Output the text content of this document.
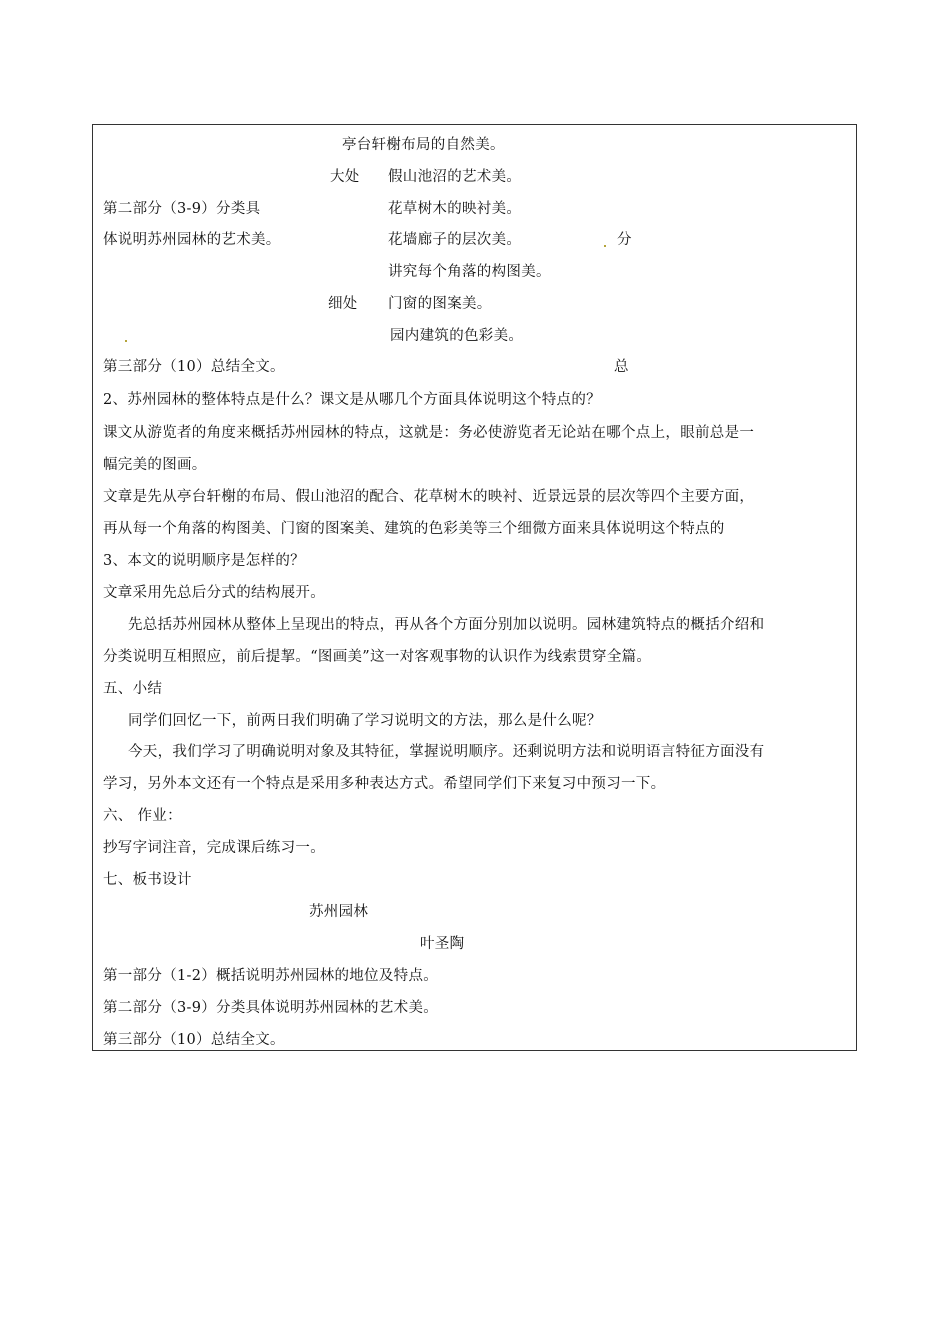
亭台轩榭布局的自然美。
大处 假山池沼的艺术美。
第二部分（3-9）分类具	花草树木的映衬美。
体说明苏州园林的艺术美。	花墙廊子的层次美。	分
讲究每个角落的构图美。
细处 门窗的图案美。
园内建筑的色彩美。
第三部分（10）总结全文。	总
2、苏州园林的整体特点是什么？课文是从哪几个方面具体说明这个特点的？
课文从游览者的角度来概括苏州园林的特点，这就是：务必使游览者无论站在哪个点上，眼前总是一
幅完美的图画。
文章是先从亭台轩榭的布局、假山池沼的配合、花草树木的映衬、近景远景的层次等四个主要方面，
再从每一个角落的构图美、门窗的图案美、建筑的色彩美等三个细微方面来具体说明这个特点的
3、本文的说明顺序是怎样的？
文章采用先总后分式的结构展开。
先总括苏州园林从整体上呈现出的特点，再从各个方面分别加以说明。园林建筑特点的概括介绍和
分类说明互相照应，前后提挈。“图画美”这一对客观事物的认识作为线索贯穿全篇。
五、小结
同学们回忆一下，前两日我们明确了学习说明文的方法，那么是什么呢？
今天，我们学习了明确说明对象及其特征，掌握说明顺序。还剩说明方法和说明语言特征方面没有
学习，另外本文还有一个特点是采用多种表达方式。希望同学们下来复习中预习一下。
六、 作业：
抄写字词注音，完成课后练习一。
七、板书设计
苏州园林
叶圣陶
第一部分（1-2）概括说明苏州园林的地位及特点。
第二部分（3-9）分类具体说明苏州园林的艺术美。
第三部分（10）总结全文。
